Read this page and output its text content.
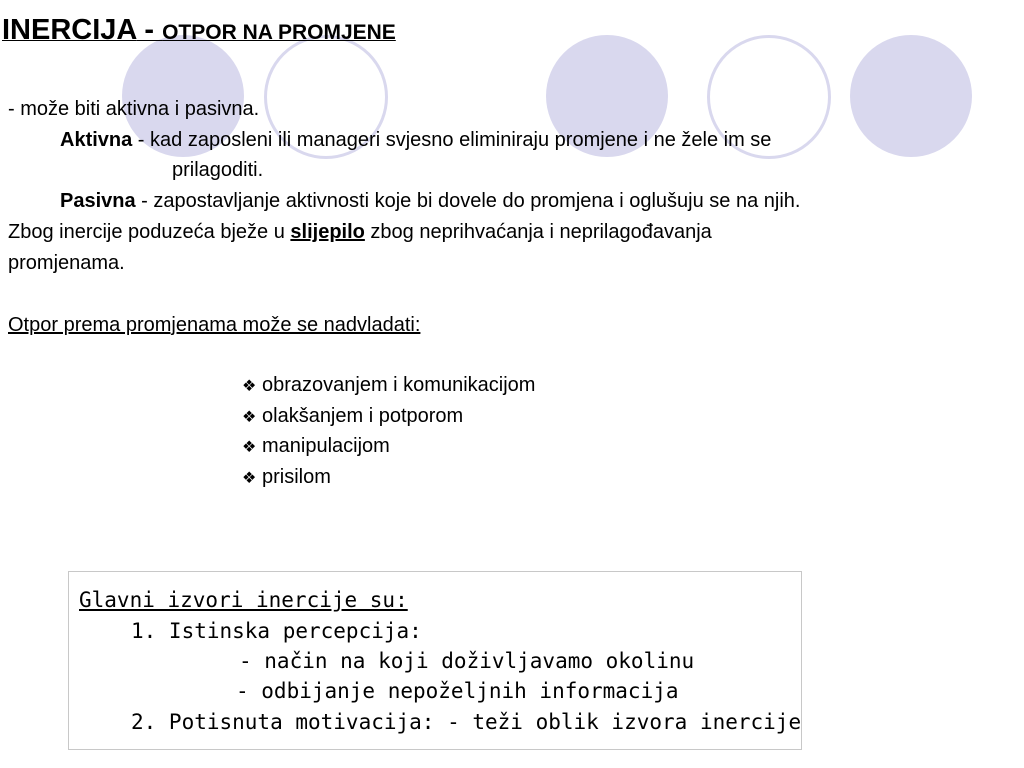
INERCIJA - OTPOR NA PROMJENE
- može biti aktivna i pasivna.
Aktivna - kad zaposleni ili manageri svjesno eliminiraju promjene i ne žele im se
prilagoditi.
Pasivna - zapostavljanje aktivnosti koje bi dovele do promjena i oglušuju se na njih.
Zbog inercije poduzeća bježe u slijepilo zbog neprihvaćanja i neprilagođavanja
promjenama.
Otpor prema promjenama može se nadvladati:
❖ obrazovanjem i komunikacijom
❖ olakšanjem i potporom
❖ manipulacijom
❖ prisilom
Glavni izvori inercije su:
1. Istinska percepcija:
- način na koji doživljavamo okolinu
- odbijanje nepoželjnih informacija
2. Potisnuta motivacija: - teži oblik izvora inercije
